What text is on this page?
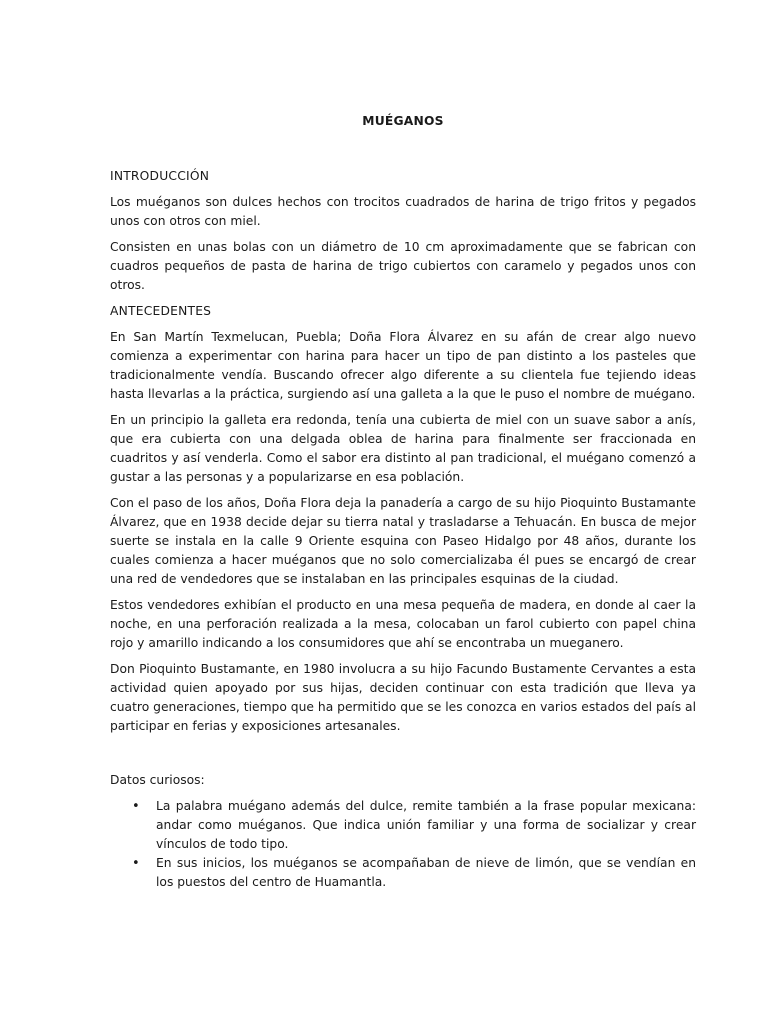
MUÉGANOS
INTRODUCCIÓN

Los muéganos son dulces hechos con trocitos cuadrados de harina de trigo fritos y pegados unos con otros con miel.

Consisten en unas bolas con un diámetro de 10 cm aproximadamente que se fabrican con cuadros pequeños de pasta de harina de trigo cubiertos con caramelo y pegados unos con otros.

ANTECEDENTES

En San Martín Texmelucan, Puebla; Doña Flora Álvarez en su afán de crear algo nuevo comienza a experimentar con harina para hacer un tipo de pan distinto a los pasteles que tradicionalmente vendía. Buscando ofrecer algo diferente a su clientela fue tejiendo ideas hasta llevarlas a la práctica, surgiendo así una galleta a la que le puso el nombre de muégano.

En un principio la galleta era redonda, tenía una cubierta de miel con un suave sabor a anís, que era cubierta con una delgada oblea de harina para finalmente ser fraccionada en cuadritos y así venderla. Como el sabor era distinto al pan tradicional, el muégano comenzó a gustar a las personas y a popularizarse en esa población.

Con el paso de los años, Doña Flora deja la panadería a cargo de su hijo Pioquinto Bustamante Álvarez, que en 1938 decide dejar su tierra natal y trasladarse a Tehuacán. En busca de mejor suerte se instala en la calle 9 Oriente esquina con Paseo Hidalgo por 48 años, durante los cuales comienza a hacer muéganos que no solo comercializaba él pues se encargó de crear una red de vendedores que se instalaban en las principales esquinas de la ciudad.

Estos vendedores exhibían el producto en una mesa pequeña de madera, en donde al caer la noche, en una perforación realizada a la mesa, colocaban un farol cubierto con papel china rojo y amarillo indicando a los consumidores que ahí se encontraba un mueganero.

Don Pioquinto Bustamante, en 1980 involucra a su hijo Facundo Bustamente Cervantes a esta actividad quien apoyado por sus hijas, deciden continuar con esta tradición que lleva ya cuatro generaciones, tiempo que ha permitido que se les conozca en varios estados del país al participar en ferias y exposiciones artesanales.

Datos curiosos:
• La palabra muégano además del dulce, remite también a la frase popular mexicana: andar como muéganos. Que indica unión familiar y una forma de socializar y crear vínculos de todo tipo.
• En sus inicios, los muéganos se acompañaban de nieve de limón, que se vendían en los puestos del centro de Huamantla.
